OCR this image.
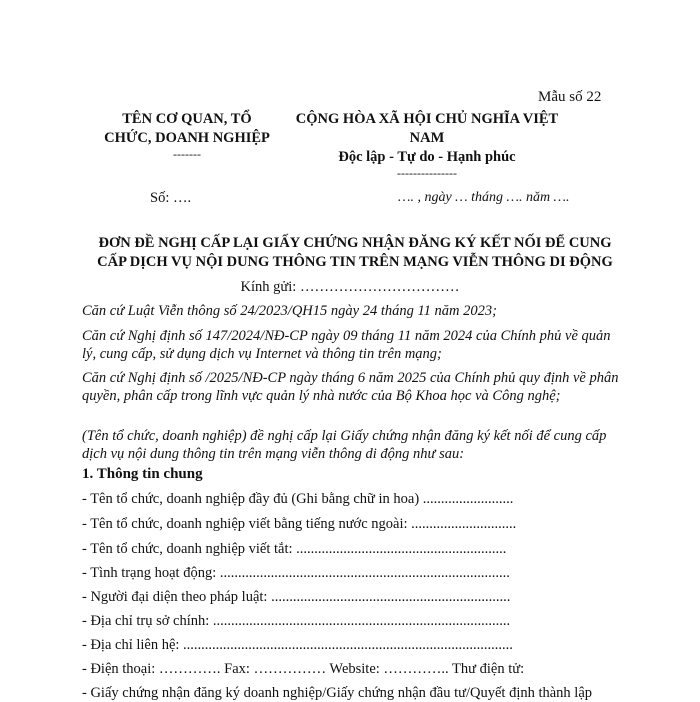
Mẫu số 22
TÊN CƠ QUAN, TỔ
CHỨC, DOANH NGHIỆP
-------
CỘNG HÒA XÃ HỘI CHỦ NGHĨA VIỆT
NAM
Độc lập - Tự do - Hạnh phúc
---------------
Số: ….	…. , ngày … tháng …. năm ….
ĐƠN ĐỀ NGHỊ CẤP LẠI GIẤY CHỨNG NHẬN ĐĂNG KÝ KẾT NỐI ĐỂ CUNG
CẤP DỊCH VỤ NỘI DUNG THÔNG TIN TRÊN MẠNG VIỄN THÔNG DI ĐỘNG
Kính gửi: ……………………………
Căn cứ Luật Viễn thông số 24/2023/QH15 ngày 24 tháng 11 năm 2023;
Căn cứ Nghị định số 147/2024/NĐ-CP ngày 09 tháng 11 năm 2024 của Chính phủ về quản lý, cung cấp, sử dụng dịch vụ Internet và thông tin trên mạng;
Căn cứ Nghị định số /2025/NĐ-CP ngày tháng 6 năm 2025 của Chính phủ quy định về phân quyền, phân cấp trong lĩnh vực quản lý nhà nước của Bộ Khoa học và Công nghệ;
(Tên tổ chức, doanh nghiệp) đề nghị cấp lại Giấy chứng nhận đăng ký kết nối để cung cấp dịch vụ nội dung thông tin trên mạng viễn thông di động như sau:
1. Thông tin chung
- Tên tổ chức, doanh nghiệp đầy đủ (Ghi bằng chữ in hoa) .........................
- Tên tổ chức, doanh nghiệp viết bằng tiếng nước ngoài: .............................
- Tên tổ chức, doanh nghiệp viết tắt: ..........................................................
- Tình trạng hoạt động: ................................................................................
- Người đại diện theo pháp luật: ..................................................................
- Địa chỉ trụ sở chính: ..................................................................................
- Địa chỉ liên hệ: ...........................................................................................
- Điện thoại: …………. Fax: …………… Website: ………….. Thư điện tử:
- Giấy chứng nhận đăng ký doanh nghiệp/Giấy chứng nhận đầu tư/Quyết định thành lập
